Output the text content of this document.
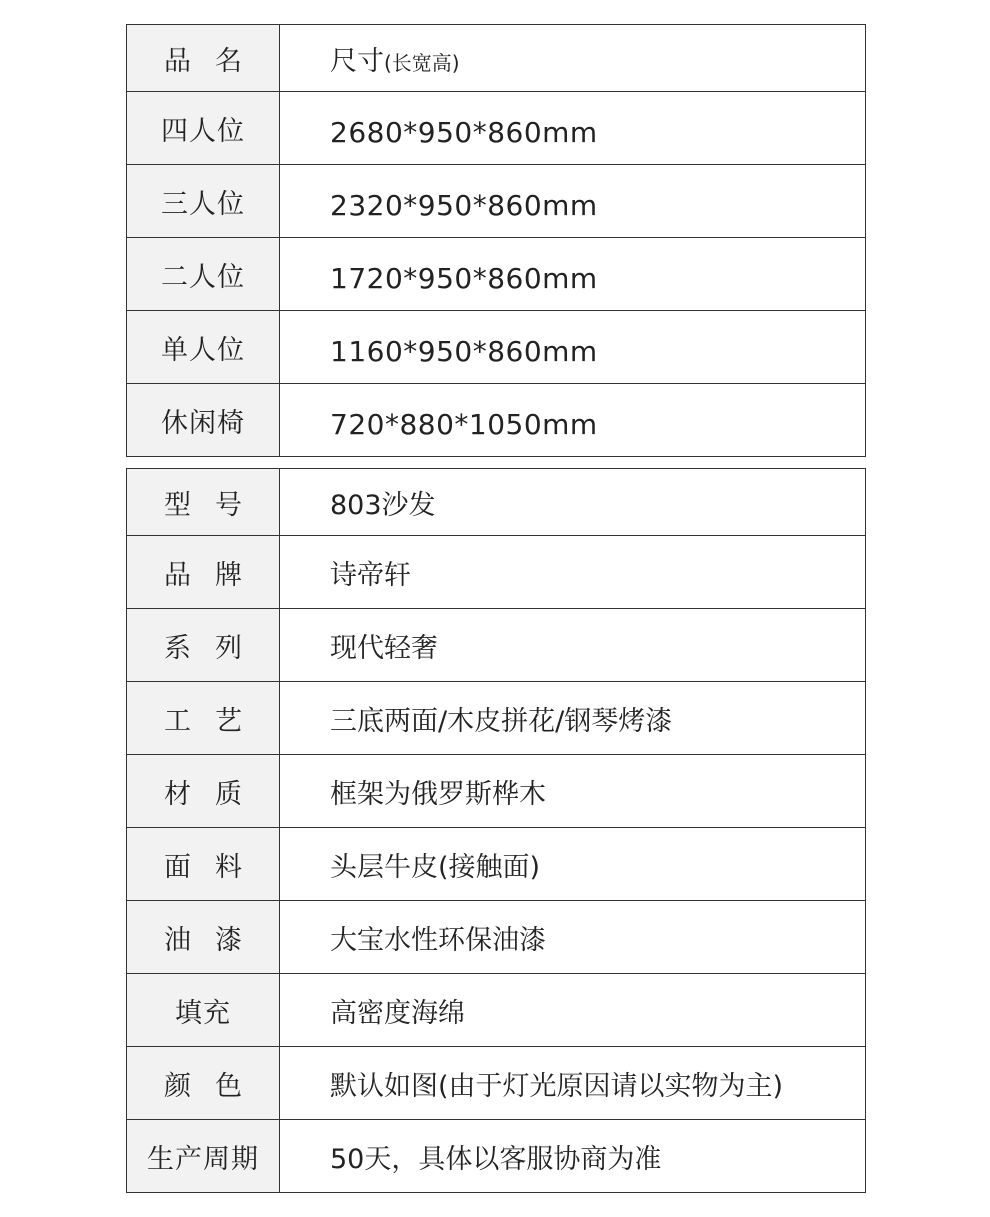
品名	尺寸(长宽高)
四人位	2680*950*860mm
三人位	2320*950*860mm
二人位	1720*950*860mm
单人位	1160*950*860mm
休闲椅	720*880*1050mm
型号	803沙发
品牌	诗帝轩
系列	现代轻奢
工艺	三底两面/木皮拼花/钢琴烤漆
材质	框架为俄罗斯桦木
面料	头层牛皮(接触面)
油漆	大宝水性环保油漆
填充	高密度海绵
颜色	默认如图(由于灯光原因请以实物为主)
生产周期	50天，具体以客服协商为准
